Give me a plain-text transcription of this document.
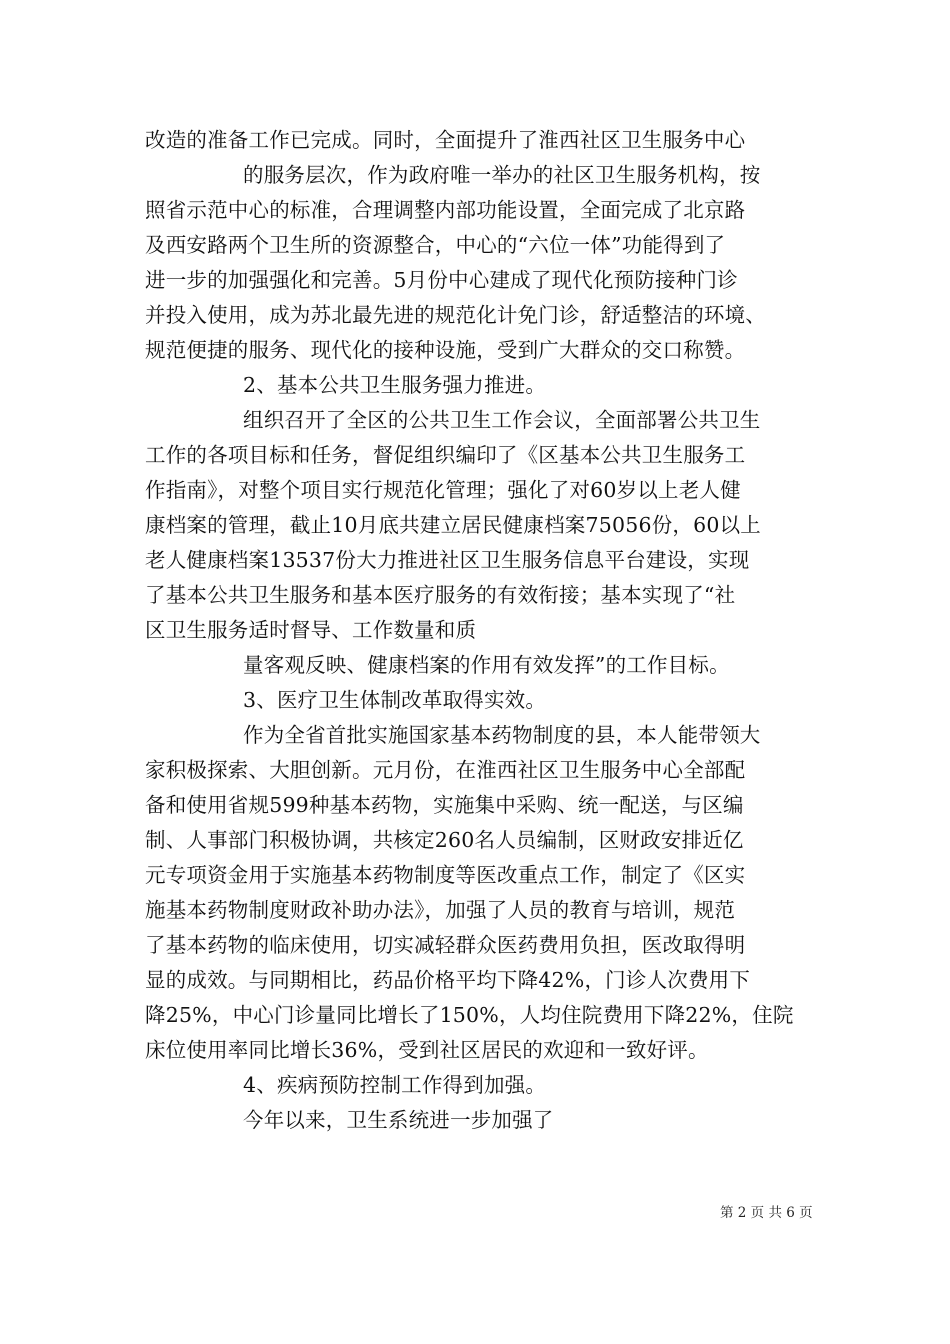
改造的准备工作已完成。同时，全面提升了淮西社区卫生服务中心
的服务层次，作为政府唯一举办的社区卫生服务机构，按
照省示范中心的标准，合理调整内部功能设置，全面完成了北京路
及西安路两个卫生所的资源整合，中心的“六位一体”功能得到了
进一步的加强强化和完善。5月份中心建成了现代化预防接种门诊
并投入使用，成为苏北最先进的规范化计免门诊，舒适整洁的环境、
规范便捷的服务、现代化的接种设施，受到广大群众的交口称赞。
2、基本公共卫生服务强力推进。
组织召开了全区的公共卫生工作会议，全面部署公共卫生
工作的各项目标和任务，督促组织编印了《区基本公共卫生服务工
作指南》，对整个项目实行规范化管理；强化了对60岁以上老人健
康档案的管理，截止10月底共建立居民健康档案75056份，60以上
老人健康档案13537份大力推进社区卫生服务信息平台建设，实现
了基本公共卫生服务和基本医疗服务的有效衔接；基本实现了“社
区卫生服务适时督导、工作数量和质
量客观反映、健康档案的作用有效发挥”的工作目标。
3、医疗卫生体制改革取得实效。
作为全省首批实施国家基本药物制度的县，本人能带领大
家积极探索、大胆创新。元月份，在淮西社区卫生服务中心全部配
备和使用省规599种基本药物，实施集中采购、统一配送，与区编
制、人事部门积极协调，共核定260名人员编制，区财政安排近亿
元专项资金用于实施基本药物制度等医改重点工作，制定了《区实
施基本药物制度财政补助办法》，加强了人员的教育与培训，规范
了基本药物的临床使用，切实减轻群众医药费用负担，医改取得明
显的成效。与同期相比，药品价格平均下降42%，门诊人次费用下
降25%，中心门诊量同比增长了150%，人均住院费用下降22%，住院
床位使用率同比增长36%，受到社区居民的欢迎和一致好评。
4、疾病预防控制工作得到加强。
今年以来，卫生系统进一步加强了
第 2 页 共 6 页
